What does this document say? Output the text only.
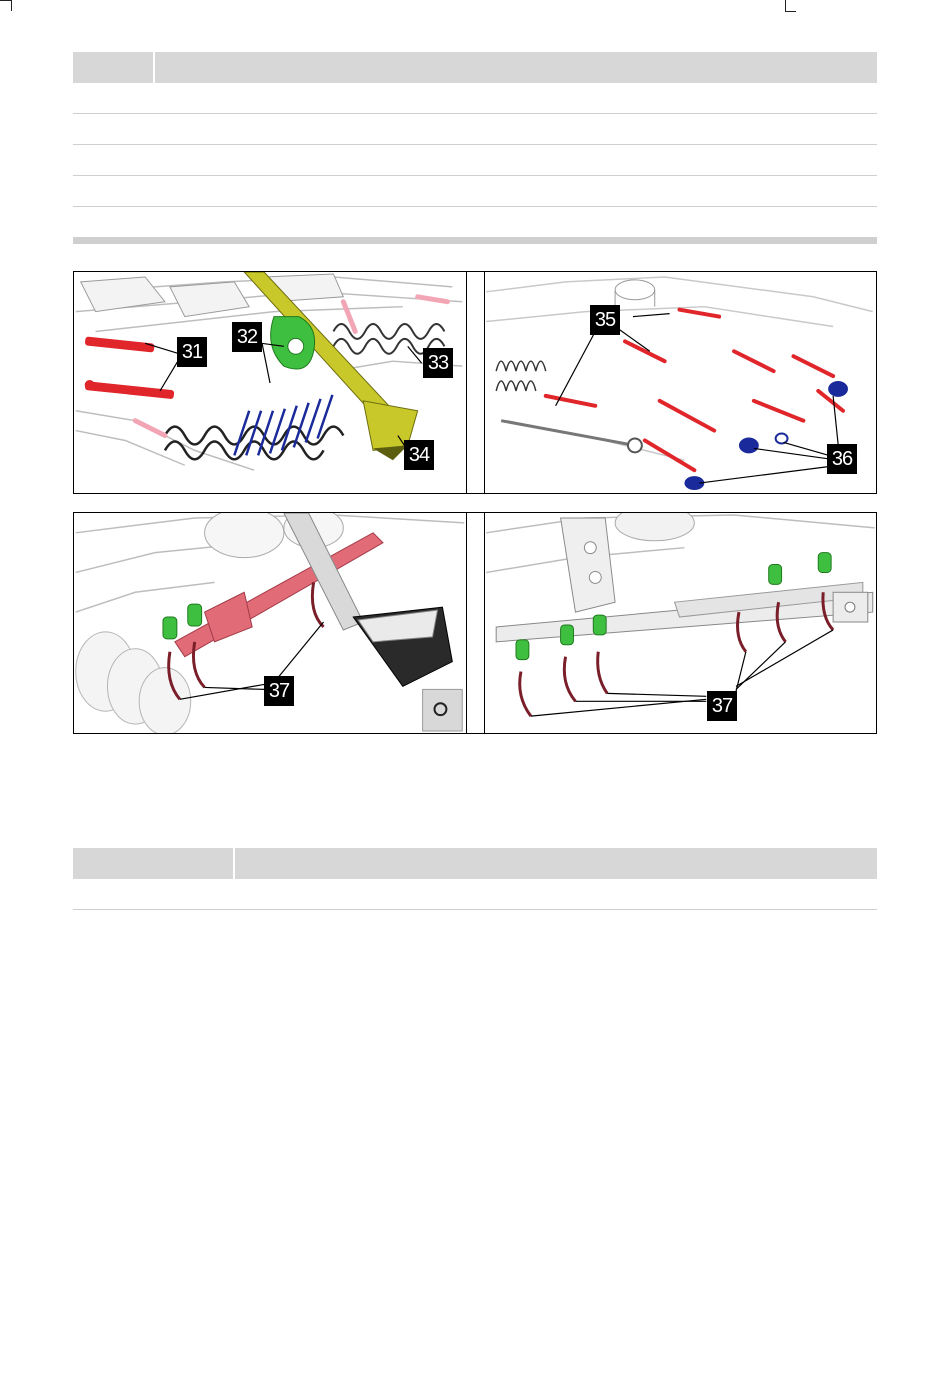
31
32
33
34
35
36
37
37
